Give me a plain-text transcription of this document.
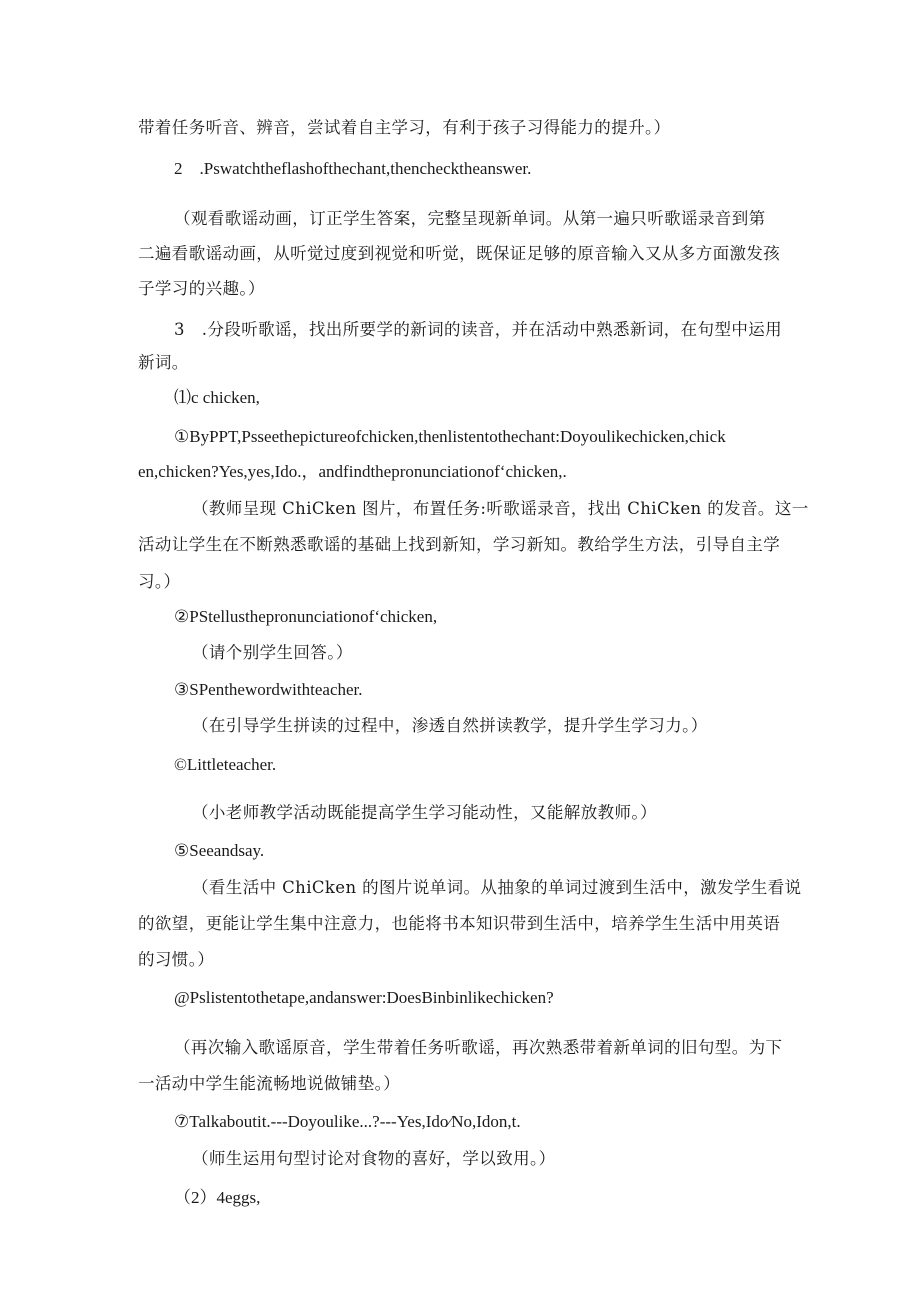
带着任务听音、辨音，尝试着自主学习，有利于孩子习得能力的提升。）
2 .Pswatchtheflashofthechant,thenchecktheanswer.
（观看歌谣动画，订正学生答案，完整呈现新单词。从第一遍只听歌谣录音到第
二遍看歌谣动画，从听觉过度到视觉和听觉，既保证足够的原音输入又从多方面激发孩
子学习的兴趣。）
3 .分段听歌谣，找出所要学的新词的读音，并在活动中熟悉新词，在句型中运用
新词。
⑴c chicken,
①ByPPT,Psseethepictureofchicken,thenlistentothechant:Doyoulikechicken,chick
en,chicken?Yes,yes,Ido.，andfindthepronunciationof‘chicken,.
（教师呈现 ChiCken 图片，布置任务:听歌谣录音，找出 ChiCken 的发音。这一
活动让学生在不断熟悉歌谣的基础上找到新知，学习新知。教给学生方法，引导自主学
习。）
②PStellusthepronunciationof‘chicken,
（请个别学生回答。）
③SPenthewordwithteacher.
（在引导学生拼读的过程中，渗透自然拼读教学，提升学生学习力。）
©Littleteacher.
（小老师教学活动既能提高学生学习能动性，又能解放教师。）
⑤Seeandsay.
（看生活中 ChiCken 的图片说单词。从抽象的单词过渡到生活中，激发学生看说
的欲望，更能让学生集中注意力，也能将书本知识带到生活中，培养学生生活中用英语
的习惯。）
@Pslistentothetape,andanswer:DoesBinbinlikechicken?
（再次输入歌谣原音，学生带着任务听歌谣，再次熟悉带着新单词的旧句型。为下
一活动中学生能流畅地说做铺垫。）
⑦Talkaboutit.---Doyoulike...?---Yes,Ido∕No,Idon,t.
（师生运用句型讨论对食物的喜好，学以致用。）
（2）4eggs,
